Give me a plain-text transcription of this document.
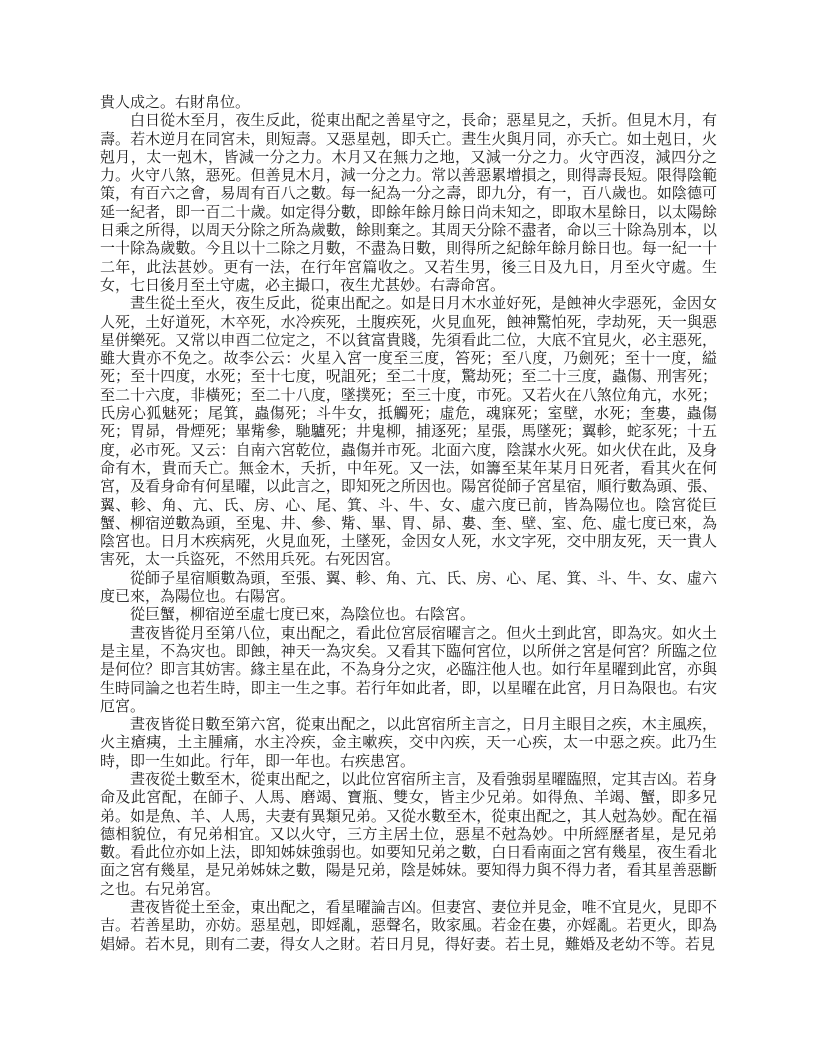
貴人成之。右財帛位。

白日從木至月，夜生反此，從東出配之善星守之，長命；惡星見之，夭折。但見木月，有壽。若木逆月在同宮未，則短壽。又惡星剋，即夭亡。晝生火與月同，亦夭亡。如土剋日，火剋月，太一剋木，皆減一分之力。木月又在無力之地，又減一分之力。火守西沒，減四分之力。火守八煞，惡死。但善見木月，減一分之力。常以善惡累增損之，則得壽長短。限得陰範策，有百六之會，易周有百八之數。每一紀為一分之壽，即九分，有一，百八歲也。如陰德可延一紀者，即一百二十歲。如定得分數，即餘年餘月餘日尚未知之，即取木星餘日，以太陽餘日乘之所得，以周天分除之所為歲數，餘則棄之。其周天分除不盡者，命以三十除為別本，以一十除為歲數。今且以十二除之月數，不盡為日數，則得所之紀餘年餘月餘日也。每一紀一十二年，此法甚妙。更有一法，在行年宮篇收之。又若生男，後三日及九日，月至火守處。生女，七日後月至土守處，必主撮口，夜生尤甚妙。右壽命宮。

晝生從土至火，夜生反此，從東出配之。如是日月木水並好死，是蝕神火孛惡死，金因女人死，土好道死，木卒死，水冷疾死，土腹疾死，火見血死，蝕神驚怕死，孛劫死，天一與惡星併樂死。又常以申酉二位定之，不以貧富貴賤，先須看此二位，大底不宜見火，必主惡死，雖大貴亦不免之。故李公云：火星入宮一度至三度，笞死；至八度，乃劍死；至十一度，縊死；至十四度，水死；至十七度，呪詛死；至二十度，驚劫死；至二十三度，蟲傷、刑害死；至二十六度，非橫死；至二十八度，墜撲死；至三十度，市死。又若火在八煞位角亢，水死；氏房心狐魅死；尾箕，蟲傷死；斗牛女，抵觸死；虛危，魂寐死；室壁，水死；奎婁，蟲傷死；胃昴，骨煙死；畢觜參，馳驢死；井鬼柳，捕逐死；星張，馬墜死；翼軫，蛇豕死；十五度，必市死。又云：自南六宮乾位，蟲傷并市死。北面六度，陰謀水火死。如火伏在此，及身命有木，貴而夭亡。無金木，夭折，中年死。又一法，如籌至某年某月日死者，看其火在何宮，及看身命有何星曜，以此言之，即知死之所因也。陽宮從師子宮星宿，順行數為頭、張、翼、軫、角、亢、氏、房、心、尾、箕、斗、牛、女、虛六度已前，皆為陽位也。陰宮從巨蟹、柳宿逆數為頭，至鬼、井、參、觜、畢、胃、昴、婁、奎、壁、室、危、虛七度已來，為陰宮也。日月木疾病死，火見血死，土墜死，金因女人死，水文字死，交中朋友死，天一貴人害死，太一兵盜死，不然用兵死。右死因宮。

從師子星宿順數為頭，至張、翼、軫、角、亢、氏、房、心、尾、箕、斗、牛、女、虛六度已來，為陽位也。右陽宮。

從巨蟹，柳宿逆至虛七度已來，為陰位也。右陰宮。

晝夜皆從月至第八位，東出配之，看此位宮辰宿曜言之。但火土到此宮，即為灾。如火土是主星，不為灾也。即蝕，神天一為灾矣。又看其下臨何宮位，以所併之宮是何宮？所臨之位是何位？即言其妨害。緣主星在此，不為身分之灾，必臨注他人也。如行年星曜到此宮，亦與生時同論之也若生時，即主一生之事。若行年如此者，即，以星曜在此宮，月日為限也。右灾厄宮。

晝夜皆從日數至第六宮，從東出配之，以此宮宿所主言之，日月主眼目之疾，木主風疾，火主瘡痍，土主腫痛，水主冷疾，金主嗽疾，交中內疾，天一心疾，太一中惡之疾。此乃生時，即一生如此。行年，即一年也。右疾患宮。

晝夜從土數至木，從東出配之，以此位宮宿所主言，及看強弱星曜臨照，定其吉凶。若身命及此宮配，在師子、人馬、磨竭、寶瓶、雙女，皆主少兄弟。如得魚、羊竭、蟹，即多兄弟。如是魚、羊、人馬，夫妻有異類兄弟。又從水數至木，從東出配之，其人尅為妙。配在福德相貌位，有兄弟相宜。又以火守，三方主居土位，惡星不尅為妙。中所經歷者星，是兄弟數。看此位亦如上法，即知姊妹強弱也。如要知兄弟之數，白日看南面之宮有幾星，夜生看北面之宮有幾星，是兄弟姊妹之數，陽是兄弟，陰是姊妹。要知得力與不得力者，看其星善惡斷之也。右兄弟宮。

晝夜皆從土至金，東出配之，看星曜論吉凶。但妻宮、妻位并見金，唯不宜見火，見即不吉。若善星助，亦妨。惡星剋，即婬亂，惡聲名，敗家風。若金在婁，亦婬亂。若更火，即為娼婦。若木見，則有二妻，得女人之財。若日月見，得好妻。若土見，難婚及老幼不等。若見
